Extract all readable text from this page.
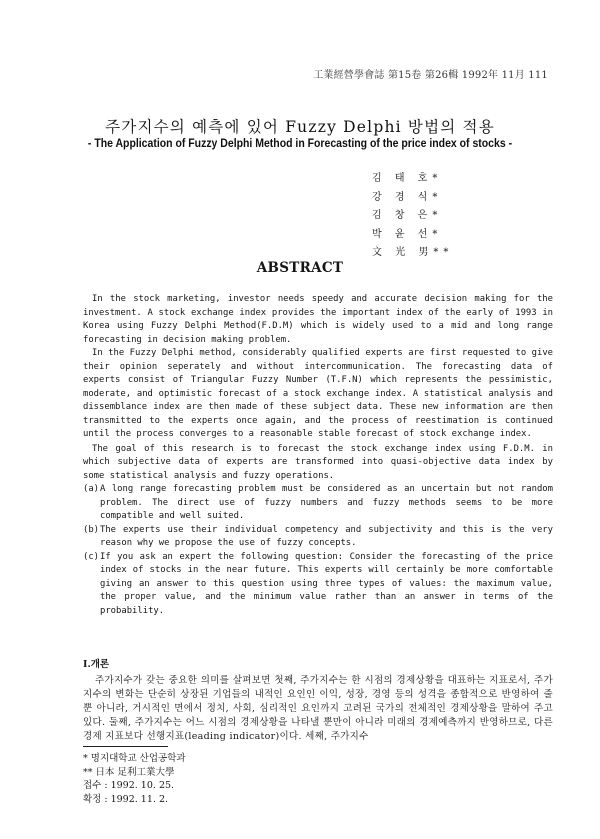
工業經營學會誌 第15卷 第26輯 1992年 11月 111
주가지수의 예측에 있어 Fuzzy Delphi 방법의 적용
- The Application of Fuzzy Delphi Method in Forecasting of the price index of stocks -
김 태 호*
강 경 식*
김 창 은*
박 윤 선*
文 光 男**
ABSTRACT

In the stock marketing, investor needs speedy and accurate decision making for the investment. A stock exchange index provides the important index of the early of 1993 in Korea using Fuzzy Delphi Method(F.D.M) which is widely used to a mid and long range forecasting in decision making problem.

In the Fuzzy Delphi method, considerably qualified experts are first requested to give their opinion seperately and without intercommunication. The forecasting data of experts consist of Triangular Fuzzy Number (T.F.N) which represents the pessimistic, moderate, and optimistic forecast of a stock exchange index. A statistical analysis and dissemblance index are then made of these subject data. These new information are then transmitted to the experts once again, and the process of reestimation is continued until the process converges to a reasonable stable forecast of stock exchange index.

The goal of this research is to forecast the stock exchange index using F.D.M. in which subjective data of experts are transformed into quasi-objective data index by some statistical analysis and fuzzy operations.

(a) A long range forecasting problem must be considered as an uncertain but not random problem. The direct use of fuzzy numbers and fuzzy methods seems to be more compatible and well suited.
(b) The experts use their individual competency and subjectivity and this is the very reason why we propose the use of fuzzy concepts.
(c) If you ask an expert the following question: Consider the forecasting of the price index of stocks in the near future. This experts will certainly be more comfortable giving an answer to this question using three types of values: the maximum value, the proper value, and the minimum value rather than an answer in terms of the probability.
Ⅰ.개론

주가지수가 갖는 중요한 의미를 살펴보면 첫째, 주가지수는 한 시점의 경제상황을 대표하는 지표로서, 주가지수의 변화는 단순히 상장된 기업들의 내적인 요인인 이익, 성장, 경영 등의 성격을 종합적으로 반영하여 줄 뿐 아니라, 거시적인 면에서 정치, 사회, 심리적인 요인까지 고려된 국가의 전체적인 경제상황을 말하여 주고 있다. 둘째, 주가지수는 어느 시점의 경제상황을 나타낼 뿐만이 아니라 미래의 경제예측까지 반영하므로, 다른경제 지표보다 선행지표(leading indicator)이다. 세째, 주가지수

* 명지대학교 산업공학과
** 日本 足利工業大學
접수 : 1992. 10. 25.
확정 : 1992. 11. 2.
